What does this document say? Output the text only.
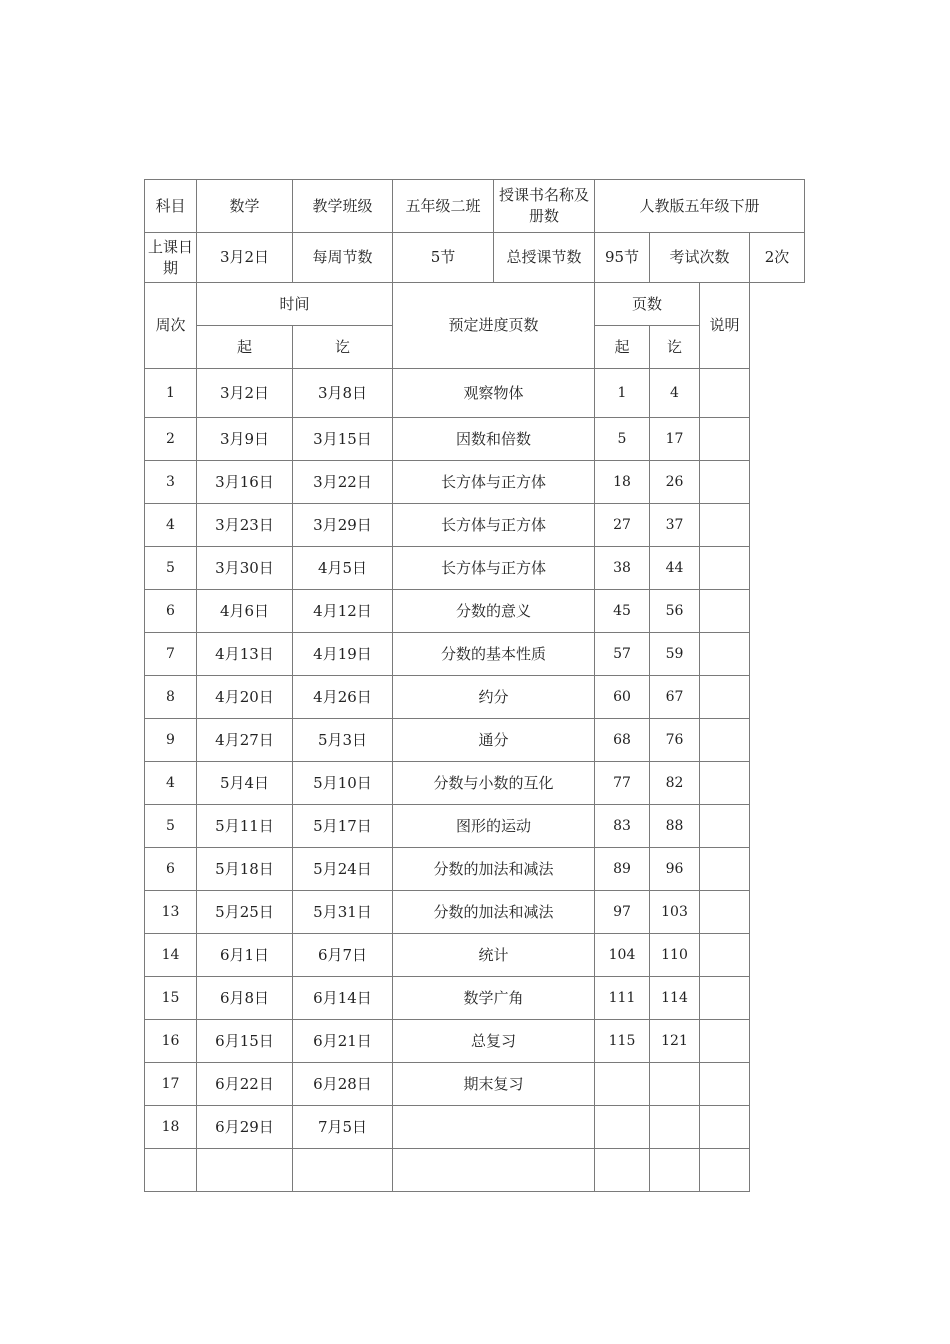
科目	数学	教学班级	五年级二班	授课书名称及册数	人教版五年级下册			
上课日期	3月2日	每周节数	5节	总授课节数	95节	考试次数		2次
周次	时间		预定进度页数		页数		说明	
	起	讫			起	讫		
1	3月2日	3月8日	观察物体		1	4		
2	3月9日	3月15日	因数和倍数		5	17		
3	3月16日	3月22日	长方体与正方体		18	26		
4	3月23日	3月29日	长方体与正方体		27	37		
5	3月30日	4月5日	长方体与正方体		38	44		
6	4月6日	4月12日	分数的意义		45	56		
7	4月13日	4月19日	分数的基本性质		57	59		
8	4月20日	4月26日	约分		60	67		
9	4月27日	5月3日	通分		68	76		
4	5月4日	5月10日	分数与小数的互化		77	82		
5	5月11日	5月17日	图形的运动		83	88		
6	5月18日	5月24日	分数的加法和减法		89	96		
13	5月25日	5月31日	分数的加法和减法		97	103		
14	6月1日	6月7日	统计		104	110		
15	6月8日	6月14日	数学广角		111	114		
16	6月15日	6月21日	总复习		115	121		
17	6月22日	6月28日	期末复习					
18	6月29日	7月5日						
